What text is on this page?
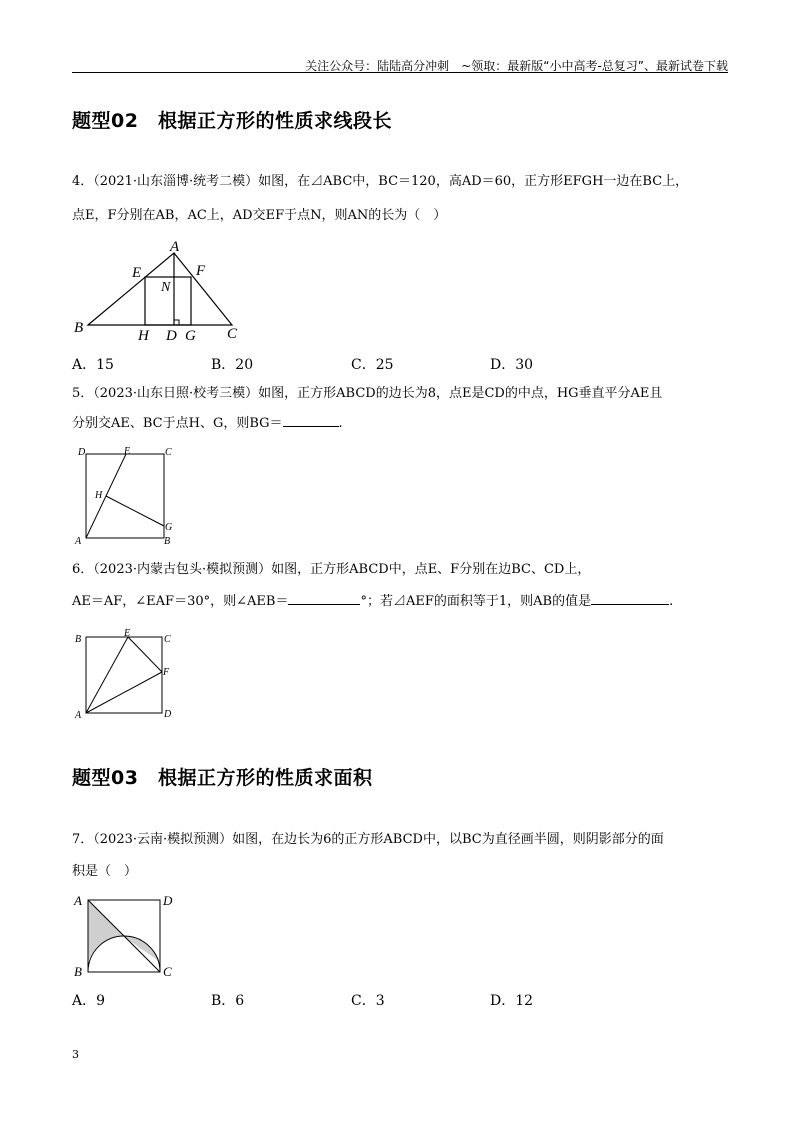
关注公众号：陆陆高分冲刺　~领取：最新版“小中高考-总复习”、最新试卷下载
题型02　根据正方形的性质求线段长
4．（2021·山东淄博·统考二模）如图，在⊿ABC中，BC＝120，高AD＝60，正方形EFGH一边在BC上，
点E，F分别在AB，AC上，AD交EF于点N，则AN的长为（　）
A
E	F
N
B	H D G C
A．15	B．20	C．25	D．30
5．（2023·山东日照·校考三模）如图，正方形ABCD的边长为8，点E是CD的中点，HG垂直平分AE且
分别交AE、BC于点H、G，则BG＝	.
D	E	C
H
G
A	B
6．（2023·内蒙古包头·模拟预测）如图，正方形ABCD中，点E、F分别在边BC、CD上，
AE＝AF，∠EAF＝30°，则∠AEB＝	°；若⊿AEF的面积等于1，则AB的值是	.
B
E
C
F
A	D
题型03　根据正方形的性质求面积
7．（2023·云南·模拟预测）如图，在边长为6的正方形ABCD中，以BC为直径画半圆，则阴影部分的面
积是（　）
A	D
B	C
A．9	B．6	C．3	D．12
3
